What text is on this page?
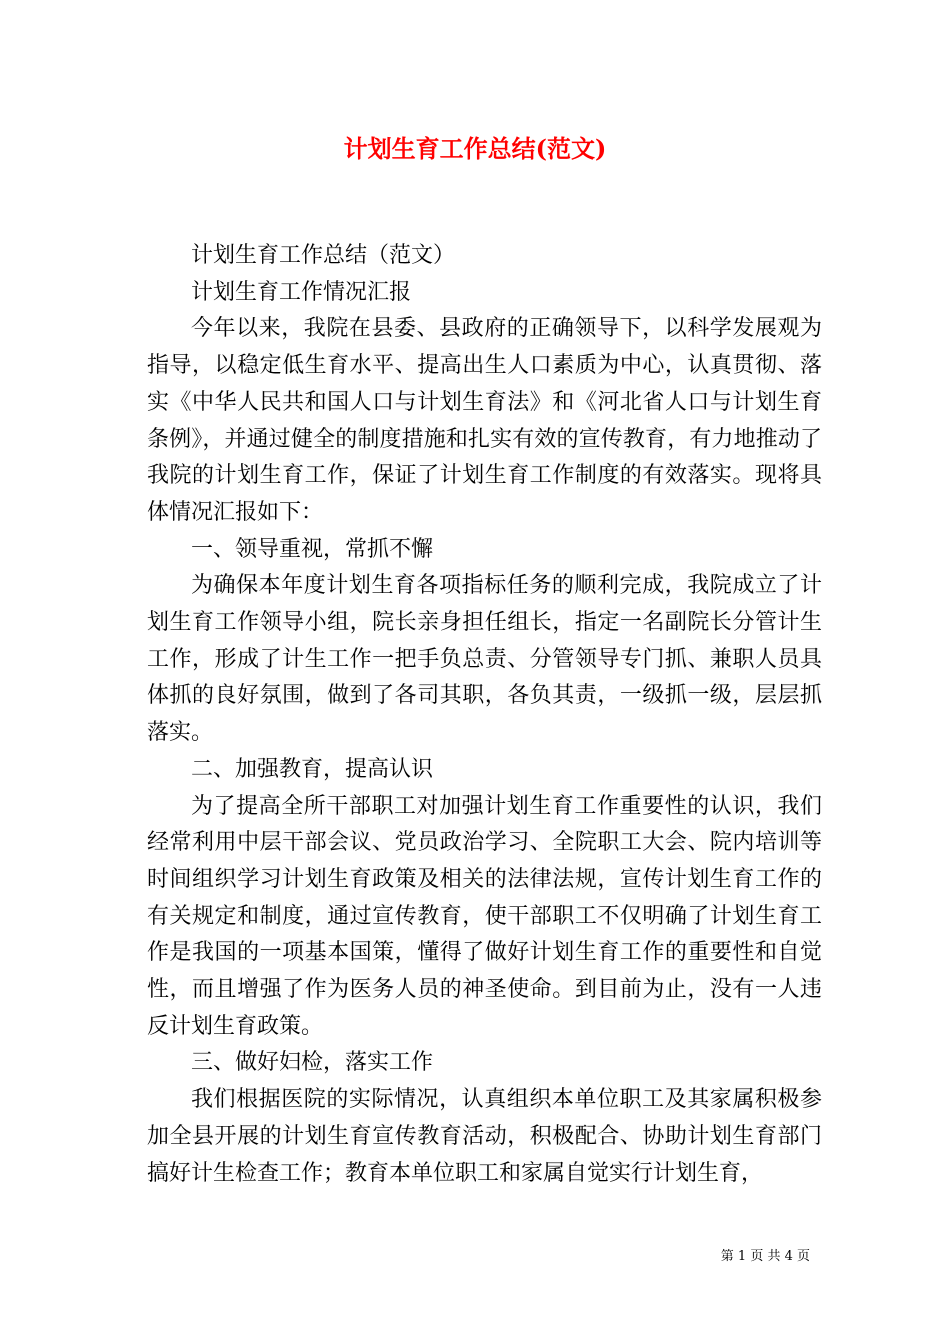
计划生育工作总结(范文)

计划生育工作总结（范文）

计划生育工作情况汇报

今年以来，我院在县委、县政府的正确领导下，以科学发展观为指导，以稳定低生育水平、提高出生人口素质为中心，认真贯彻、落实《中华人民共和国人口与计划生育法》和《河北省人口与计划生育条例》，并通过健全的制度措施和扎实有效的宣传教育，有力地推动了我院的计划生育工作，保证了计划生育工作制度的有效落实。现将具体情况汇报如下：

一、领导重视，常抓不懈

为确保本年度计划生育各项指标任务的顺利完成，我院成立了计划生育工作领导小组，院长亲身担任组长，指定一名副院长分管计生工作，形成了计生工作一把手负总责、分管领导专门抓、兼职人员具体抓的良好氛围，做到了各司其职，各负其责，一级抓一级，层层抓落实。

二、加强教育，提高认识

为了提高全所干部职工对加强计划生育工作重要性的认识，我们经常利用中层干部会议、党员政治学习、全院职工大会、院内培训等时间组织学习计划生育政策及相关的法律法规，宣传计划生育工作的有关规定和制度，通过宣传教育，使干部职工不仅明确了计划生育工作是我国的一项基本国策，懂得了做好计划生育工作的重要性和自觉性，而且增强了作为医务人员的神圣使命。到目前为止，没有一人违反计划生育政策。

三、做好妇检，落实工作

我们根据医院的实际情况，认真组织本单位职工及其家属积极参加全县开展的计划生育宣传教育活动，积极配合、协助计划生育部门搞好计生检查工作；教育本单位职工和家属自觉实行计划生育，

第 1 页 共 4 页
